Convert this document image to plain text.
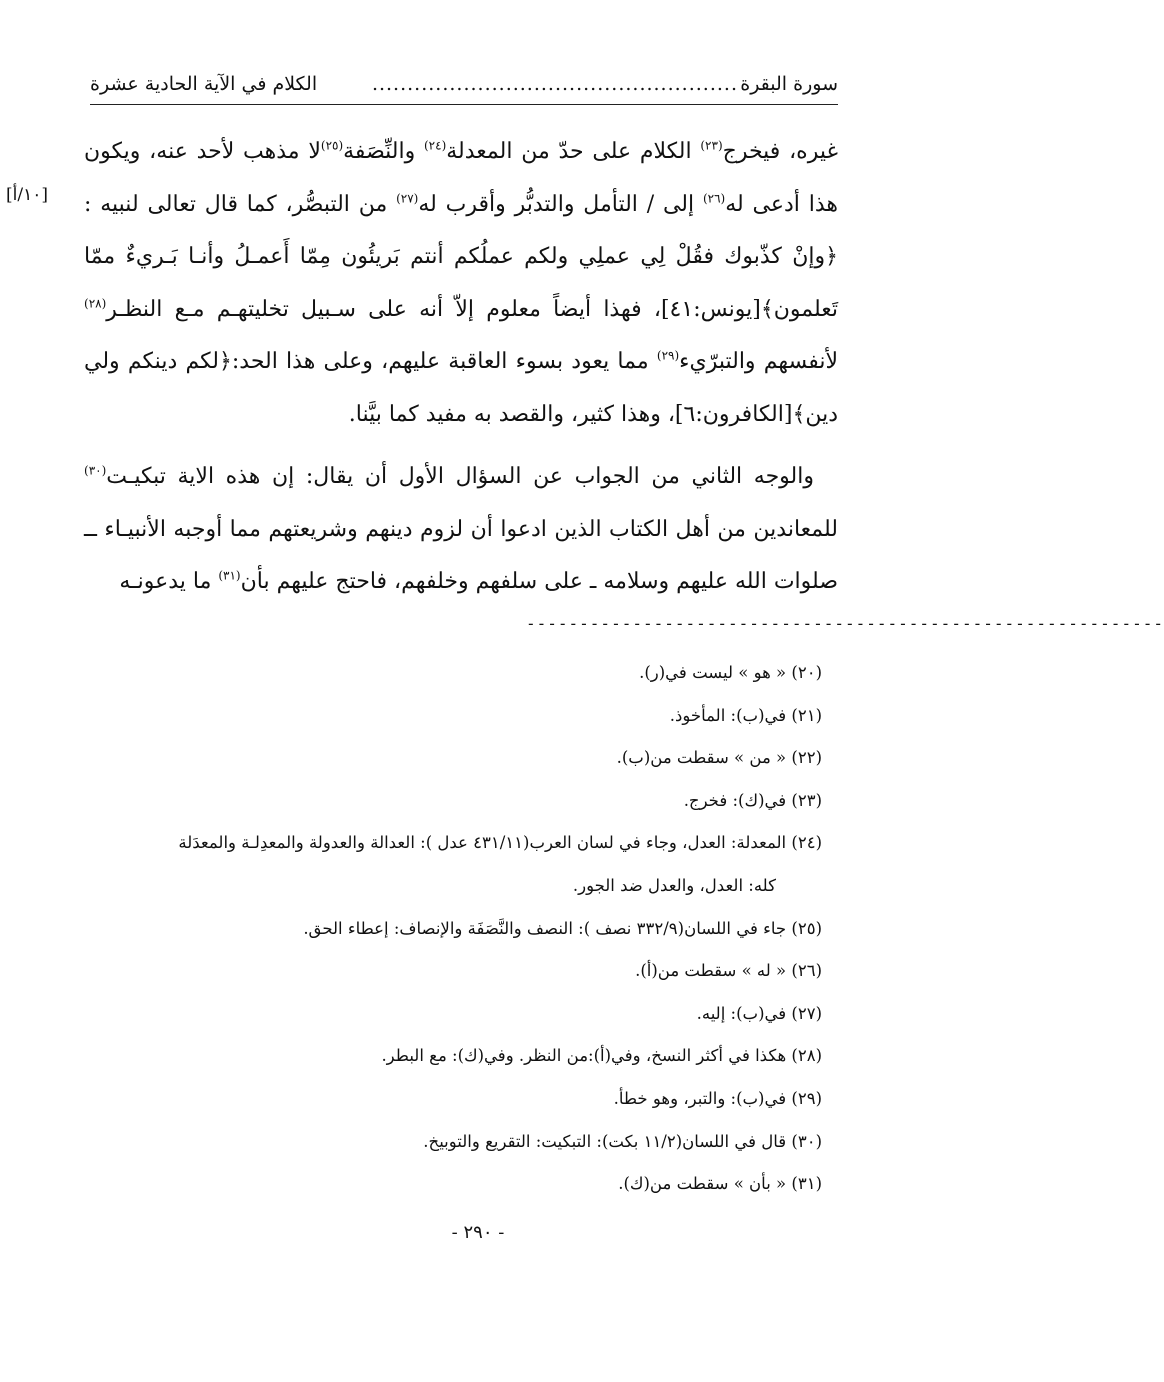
سورة البقرة
....................................................
الكلام في الآية الحادية عشرة
[١٠/أ]

غيره، فيخرج$^{(٢٣)}$ الكلام على حدّ من المعدلة$^{(٢٤)}$ والنِّصَفة$^{(٢٥)}$لا مذهب لأحد عنه، ويكون هذا أدعى له$^{(٢٦)}$ إلى / التأمل والتدبُّر وأقرب له$^{(٢٧)}$ من التبصُّر، كما قال تعالى لنبيه :﴿وإنْ كذّبوك فقُلْ لِي عملِي ولكم عملُكم أنتم بَريئُون مِمّا أَعمـلُ وأنـا بَـريءٌ ممّا تَعلمون﴾[يونس:٤١]، فهذا أيضاً معلوم إلاّ أنه على سـبيل تخليتهـم مـع النظـر$^{(٢٨)}$ لأنفسهم والتبرّيء$^{(٢٩)}$ مما يعود بسوء العاقبة عليهم، وعلى هذا الحد:﴿لكم دينكم ولي دين﴾[الكافرون:٦]، وهذا كثير، والقصد به مفيد كما بيَّنا.

والوجه الثاني من الجواب عن السؤال الأول أن يقال: إن هذه الاية تبكيـت$^{(٣٠)}$ للمعاندين من أهل الكتاب الذين ادعوا أن لزوم دينهم وشريعتهم مما أوجبه الأنبيـاء ــ صلوات الله عليهم وسلامه ـ على سلفهم وخلفهم، فاحتج عليهم بأن$^{(٣١)}$ ما يدعونـه

------------------------------------------------------------

(٢٠) « هو » ليست في(ر).

(٢١) في(ب): المأخوذ.

(٢٢) « من » سقطت من(ب).

(٢٣) في(ك): فخرج.

(٢٤) المعدلة: العدل، وجاء في لسان العرب(٤٣١/١١ عدل ): العدالة والعدولة والمعدِلـة والمعدَلة

كله: العدل، والعدل ضد الجور.

(٢٥) جاء في اللسان(٣٣٢/٩ نصف ): النصف والنَّصَفَة والإنصاف: إعطاء الحق.

(٢٦) « له » سقطت من(أ).

(٢٧) في(ب): إليه.

(٢٨) هكذا في أكثر النسخ، وفي(أ):من النظر. وفي(ك): مع البطر.

(٢٩) في(ب): والتبر، وهو خطأ.

(٣٠) قال في اللسان(١١/٢ بكت): التبكيت: التقريع والتوبيخ.

(٣١) « بأن » سقطت من(ك).

- ٢٩٠ -
